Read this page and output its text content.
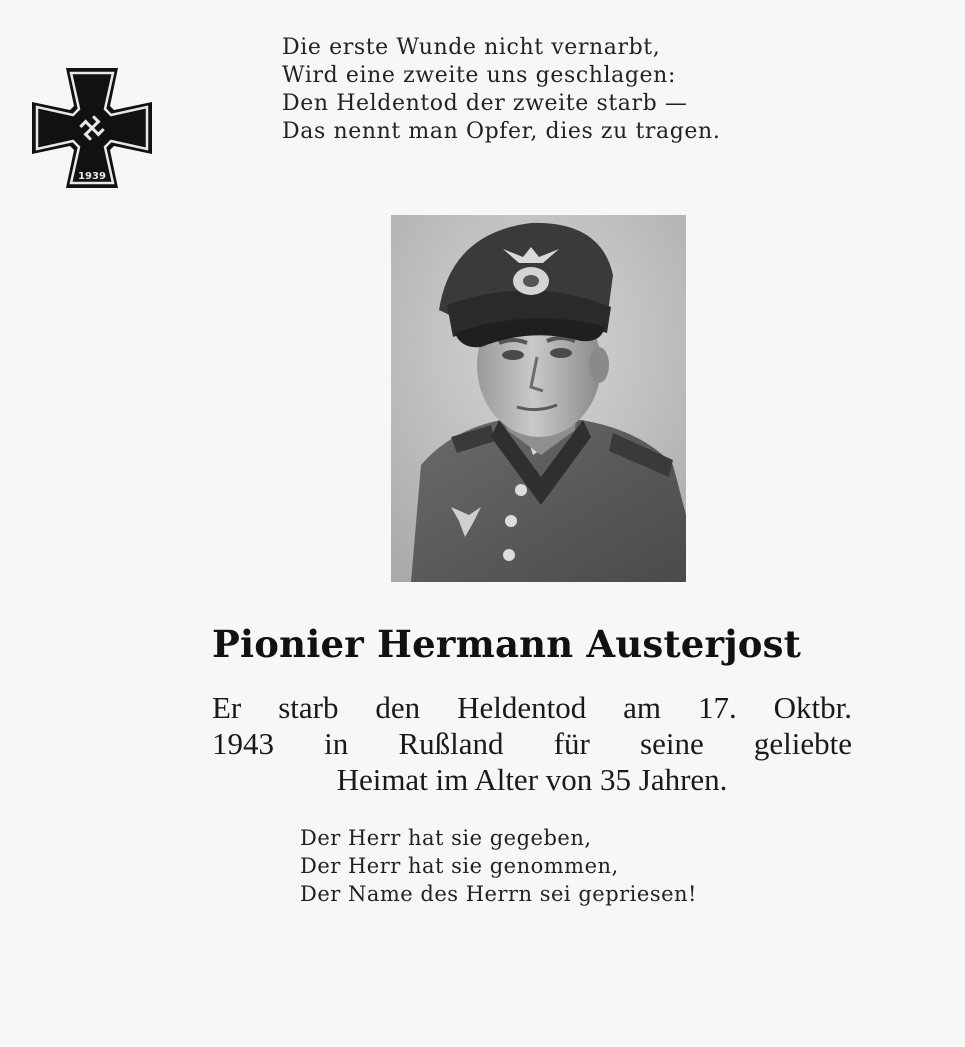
1939
Die erste Wunde nicht vernarbt,
Wird eine zweite uns geschlagen:
Den Heldentod der zweite starb —
Das nennt man Opfer, dies zu tragen.
Pionier Hermann Austerjost
Er starb den Heldentod am 17. Oktbr.
1943 in Rußland für seine geliebte
Heimat im Alter von 35 Jahren.
Der Herr hat sie gegeben,
Der Herr hat sie genommen,
Der Name des Herrn sei gepriesen!
